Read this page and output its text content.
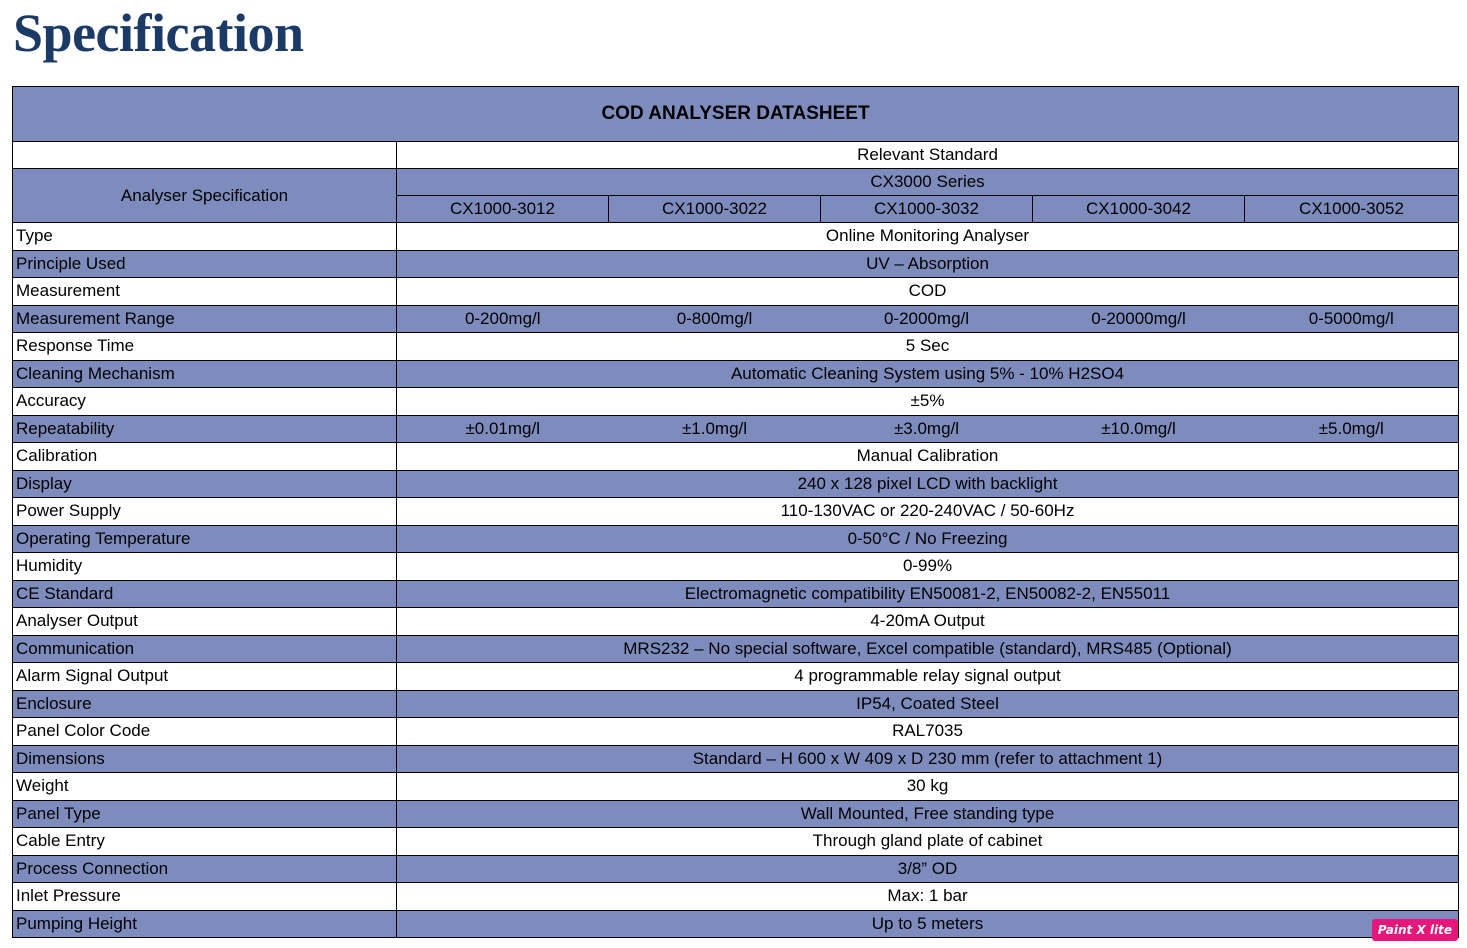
Specification
COD ANALYSER DATASHEET					
	Relevant Standard				
Analyser Specification	CX3000 Series				
	CX1000-3012	CX1000-3022	CX1000-3032	CX1000-3042	CX1000-3052
Type	Online Monitoring Analyser				
Principle Used	UV – Absorption				
Measurement	COD				
Measurement Range	0-200mg/l	0-800mg/l	0-2000mg/l	0-20000mg/l	0-5000mg/l
Response Time	5 Sec				
Cleaning Mechanism	Automatic Cleaning System using 5% - 10% H2SO4				
Accuracy	±5%				
Repeatability	±0.01mg/l	±1.0mg/l	±3.0mg/l	±10.0mg/l	±5.0mg/l
Calibration	Manual Calibration				
Display	240 x 128 pixel LCD with backlight				
Power Supply	110-130VAC or 220-240VAC / 50-60Hz				
Operating Temperature	0-50°C / No Freezing				
Humidity	0-99%				
CE Standard	Electromagnetic compatibility EN50081-2, EN50082-2, EN55011				
Analyser Output	4-20mA Output				
Communication	MRS232 – No special software, Excel compatible (standard), MRS485 (Optional)				
Alarm Signal Output	4 programmable relay signal output				
Enclosure	IP54, Coated Steel				
Panel Color Code	RAL7035				
Dimensions	Standard – H 600 x W 409 x D 230 mm (refer to attachment 1)				
Weight	30 kg				
Panel Type	Wall Mounted, Free standing type				
Cable Entry	Through gland plate of cabinet				
Process Connection	3/8” OD				
Inlet Pressure	Max: 1 bar				
Pumping Height	Up to 5 meters					Paint X lite
